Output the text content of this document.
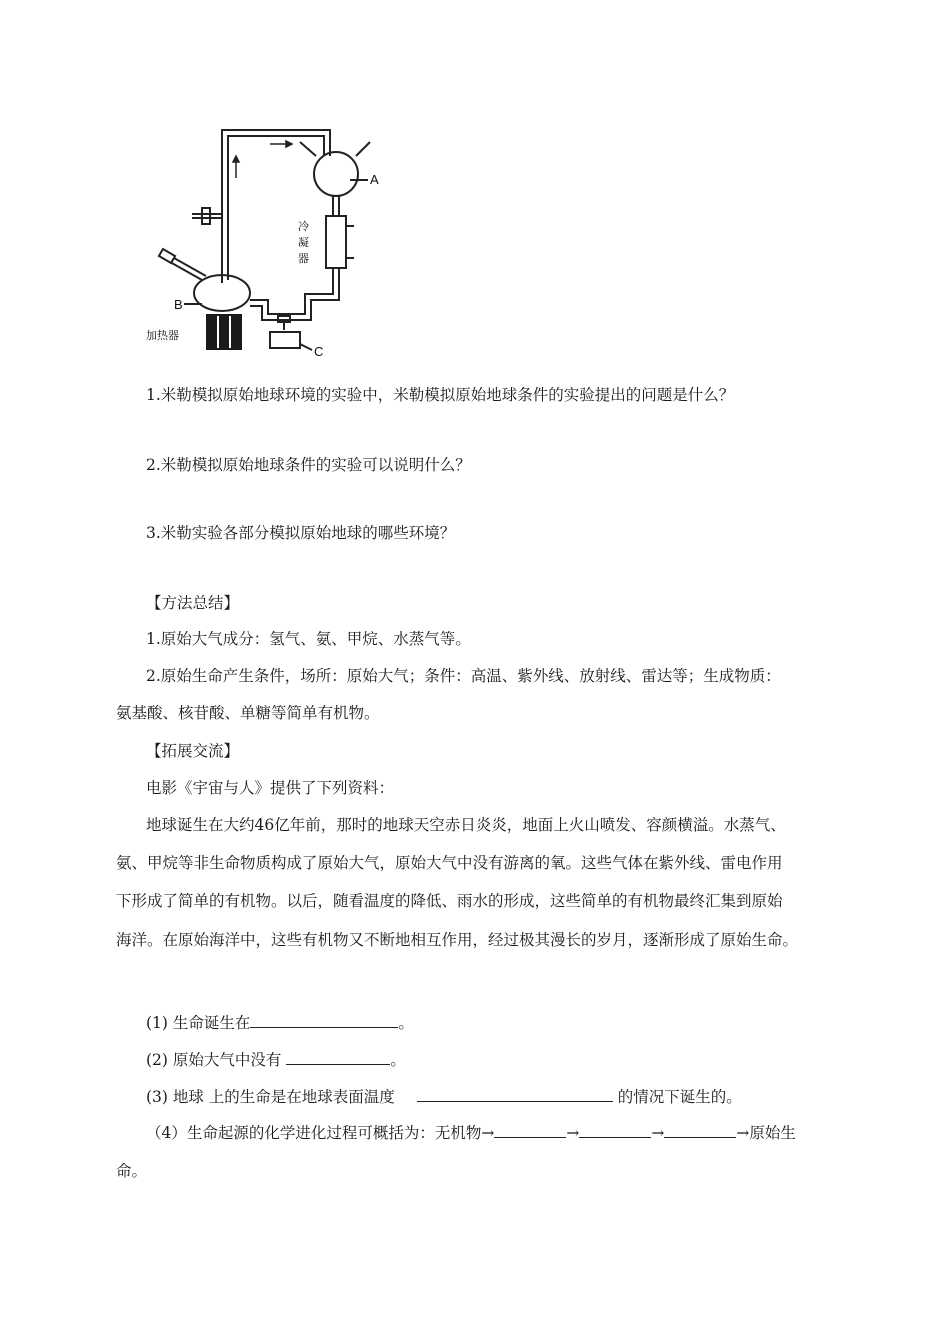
A
B
C
冷
凝
器
加热器
1.米勒模拟原始地球环境的实验中，米勒模拟原始地球条件的实验提出的问题是什么？
2.米勒模拟原始地球条件的实验可以说明什么？
3.米勒实验各部分模拟原始地球的哪些环境？
【方法总结】
1.原始大气成分：氢气、氨、甲烷、水蒸气等。
2.原始生命产生条件，场所：原始大气；条件：高温、紫外线、放射线、雷达等；生成物质：
氨基酸、核苷酸、单糖等简单有机物。
【拓展交流】
电影《宇宙与人》提供了下列资料：
地球诞生在大约46亿年前，那时的地球天空赤日炎炎，地面上火山喷发、容颜横溢。水蒸气、
氨、甲烷等非生命物质构成了原始大气，原始大气中没有游离的氧。这些气体在紫外线、雷电作用
下形成了简单的有机物。以后，随看温度的降低、雨水的形成，这些简单的有机物最终汇集到原始
海洋。在原始海洋中，这些有机物又不断地相互作用，经过极其漫长的岁月，逐渐形成了原始生命。
(1) 生命诞生在	。
(2) 原始大气中没有	。
(3) 地球 上的生命是在地球表面温度	的情况下诞生的。
（4）生命起源的化学进化过程可概括为：无机物→	→	→	→原始生
命。
